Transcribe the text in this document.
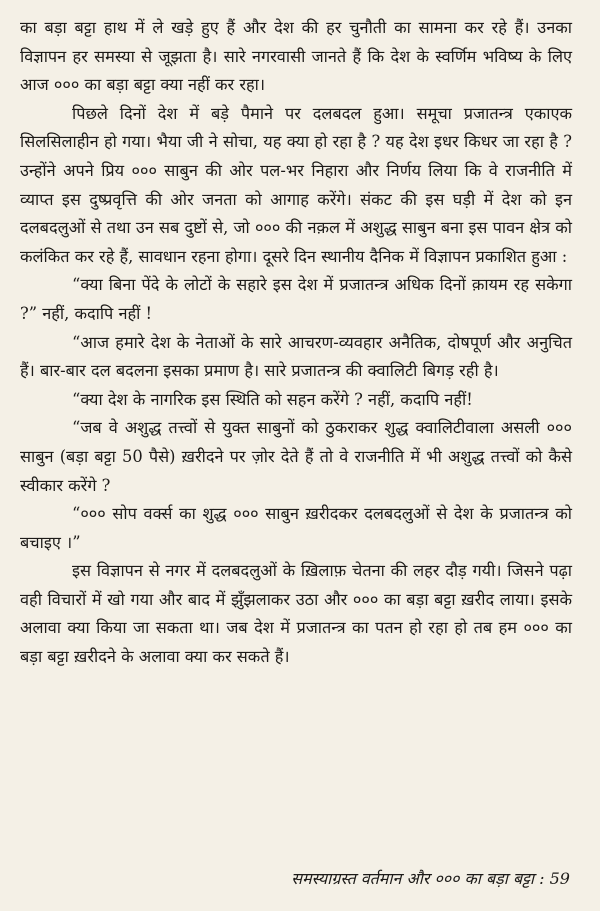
का बड़ा बट्टा हाथ में ले खड़े हुए हैं और देश की हर चुनौती का सामना कर रहे हैं। उनका विज्ञापन हर समस्या से जूझता है। सारे नगरवासी जानते हैं कि देश के स्वर्णिम भविष्य के लिए आज ००० का बड़ा बट्टा क्या नहीं कर रहा।

पिछले दिनों देश में बड़े पैमाने पर दलबदल हुआ। समूचा प्रजातन्त्र एकाएक सिलसिलाहीन हो गया। भैया जी ने सोचा, यह क्या हो रहा है ? यह देश इधर किधर जा रहा है ? उन्होंने अपने प्रिय ००० साबुन की ओर पल-भर निहारा और निर्णय लिया कि वे राजनीति में व्याप्त इस दुष्प्रवृत्ति की ओर जनता को आगाह करेंगे। संकट की इस घड़ी में देश को इन दलबदलुओं से तथा उन सब दुष्टों से, जो ००० की नक़ल में अशुद्ध साबुन बना इस पावन क्षेत्र को कलंकित कर रहे हैं, सावधान रहना होगा। दूसरे दिन स्थानीय दैनिक में विज्ञापन प्रकाशित हुआ :

“क्या बिना पेंदे के लोटों के सहारे इस देश में प्रजातन्त्र अधिक दिनों क़ायम रह सकेगा ?” नहीं, कदापि नहीं !

“आज हमारे देश के नेताओं के सारे आचरण-व्यवहार अनैतिक, दोषपूर्ण और अनुचित हैं। बार-बार दल बदलना इसका प्रमाण है। सारे प्रजातन्त्र की क्वालिटी बिगड़ रही है।

“क्या देश के नागरिक इस स्थिति को सहन करेंगे ? नहीं, कदापि नहीं!

“जब वे अशुद्ध तत्त्वों से युक्त साबुनों को ठुकराकर शुद्ध क्वालिटीवाला असली ००० साबुन (बड़ा बट्टा 50 पैसे) ख़रीदने पर ज़ोर देते हैं तो वे राजनीति में भी अशुद्ध तत्त्वों को कैसे स्वीकार करेंगे ?

“००० सोप वर्क्स का शुद्ध ००० साबुन ख़रीदकर दलबदलुओं से देश के प्रजातन्त्र को बचाइए ।”

इस विज्ञापन से नगर में दलबदलुओं के ख़िलाफ़ चेतना की लहर दौड़ गयी। जिसने पढ़ा वही विचारों में खो गया और बाद में झुँझलाकर उठा और ००० का बड़ा बट्टा ख़रीद लाया। इसके अलावा क्या किया जा सकता था। जब देश में प्रजातन्त्र का पतन हो रहा हो तब हम ००० का बड़ा बट्टा ख़रीदने के अलावा क्या कर सकते हैं।

समस्याग्रस्त वर्तमान और ००० का बड़ा बट्टा : 59
